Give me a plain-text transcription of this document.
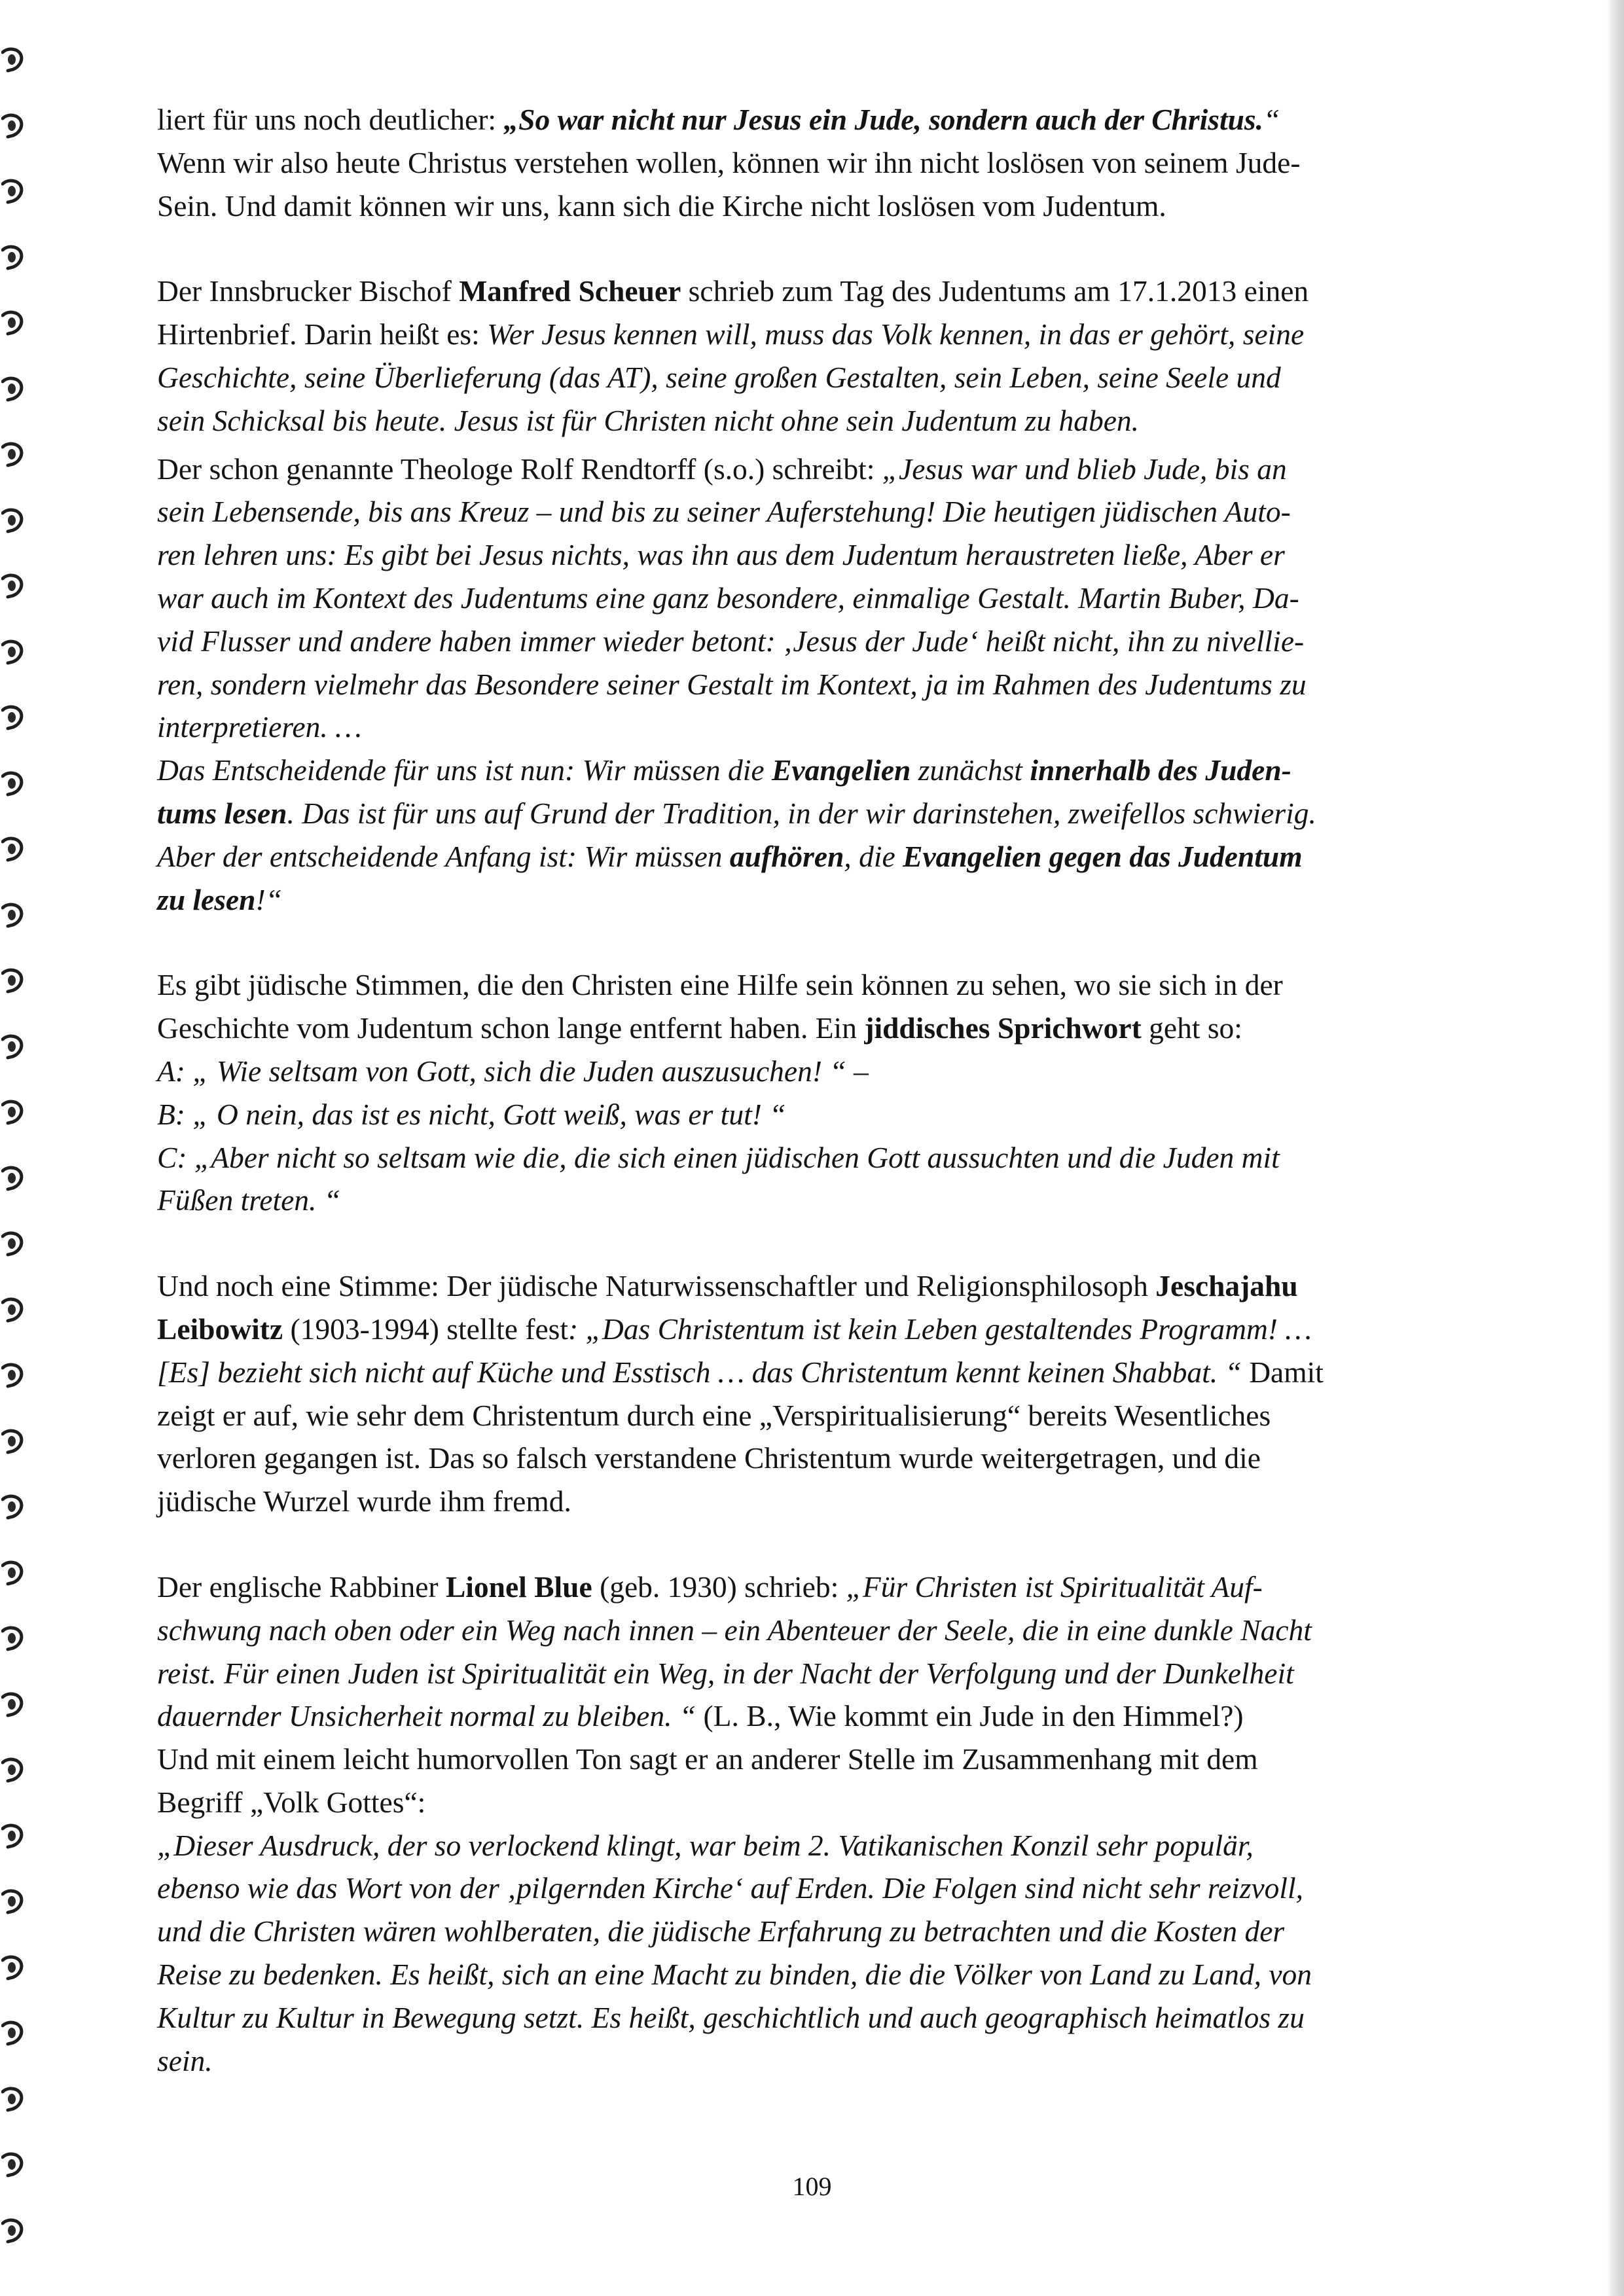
liert für uns noch deutlicher: „So war nicht nur Jesus ein Jude, sondern auch der Christus.“
Wenn wir also heute Christus verstehen wollen, können wir ihn nicht loslösen von seinem Jude-
Sein. Und damit können wir uns, kann sich die Kirche nicht loslösen vom Judentum.

Der Innsbrucker Bischof Manfred Scheuer schrieb zum Tag des Judentums am 17.1.2013 einen
Hirtenbrief. Darin heißt es: Wer Jesus kennen will, muss das Volk kennen, in das er gehört, seine
Geschichte, seine Überlieferung (das AT), seine großen Gestalten, sein Leben, seine Seele und
sein Schicksal bis heute. Jesus ist für Christen nicht ohne sein Judentum zu haben.

Der schon genannte Theologe Rolf Rendtorff (s.o.) schreibt: „Jesus war und blieb Jude, bis an
sein Lebensende, bis ans Kreuz – und bis zu seiner Auferstehung! Die heutigen jüdischen Auto-
ren lehren uns: Es gibt bei Jesus nichts, was ihn aus dem Judentum heraustreten ließe, Aber er
war auch im Kontext des Judentums eine ganz besondere, einmalige Gestalt. Martin Buber, Da-
vid Flusser und andere haben immer wieder betont: ‚Jesus der Jude‘ heißt nicht, ihn zu nivellie-
ren, sondern vielmehr das Besondere seiner Gestalt im Kontext, ja im Rahmen des Judentums zu
interpretieren. …
Das Entscheidende für uns ist nun: Wir müssen die Evangelien zunächst innerhalb des Juden-
tums lesen. Das ist für uns auf Grund der Tradition, in der wir darinstehen, zweifellos schwierig.
Aber der entscheidende Anfang ist: Wir müssen aufhören, die Evangelien gegen das Judentum
zu lesen!“

Es gibt jüdische Stimmen, die den Christen eine Hilfe sein können zu sehen, wo sie sich in der
Geschichte vom Judentum schon lange entfernt haben. Ein jiddisches Sprichwort geht so:
A: „ Wie seltsam von Gott, sich die Juden auszusuchen! “ –
B: „ O nein, das ist es nicht, Gott weiß, was er tut! “
C: „Aber nicht so seltsam wie die, die sich einen jüdischen Gott aussuchten und die Juden mit
Füßen treten. “

Und noch eine Stimme: Der jüdische Naturwissenschaftler und Religionsphilosoph Jeschajahu
Leibowitz (1903-1994) stellte fest: „Das Christentum ist kein Leben gestaltendes Programm! …
[Es] bezieht sich nicht auf Küche und Esstisch … das Christentum kennt keinen Shabbat. “ Damit
zeigt er auf, wie sehr dem Christentum durch eine „Verspiritualisierung“ bereits Wesentliches
verloren gegangen ist. Das so falsch verstandene Christentum wurde weitergetragen, und die
jüdische Wurzel wurde ihm fremd.

Der englische Rabbiner Lionel Blue (geb. 1930) schrieb: „Für Christen ist Spiritualität Auf-
schwung nach oben oder ein Weg nach innen – ein Abenteuer der Seele, die in eine dunkle Nacht
reist. Für einen Juden ist Spiritualität ein Weg, in der Nacht der Verfolgung und der Dunkelheit
dauernder Unsicherheit normal zu bleiben. “ (L. B., Wie kommt ein Jude in den Himmel?)
Und mit einem leicht humorvollen Ton sagt er an anderer Stelle im Zusammenhang mit dem
Begriff „Volk Gottes“:
„Dieser Ausdruck, der so verlockend klingt, war beim 2. Vatikanischen Konzil sehr populär,
ebenso wie das Wort von der ‚pilgernden Kirche‘ auf Erden. Die Folgen sind nicht sehr reizvoll,
und die Christen wären wohlberaten, die jüdische Erfahrung zu betrachten und die Kosten der
Reise zu bedenken. Es heißt, sich an eine Macht zu binden, die die Völker von Land zu Land, von
Kultur zu Kultur in Bewegung setzt. Es heißt, geschichtlich und auch geographisch heimatlos zu
sein.

109
